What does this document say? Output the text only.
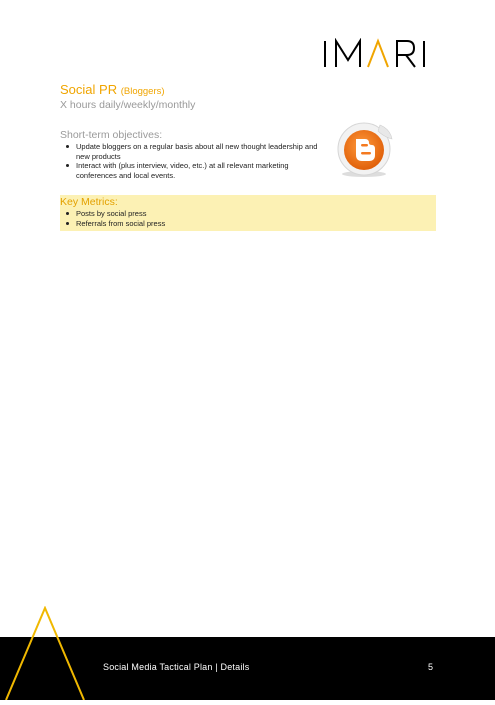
Social PR (Bloggers)
X hours daily/weekly/monthly
Short-term objectives:
Update bloggers on a regular basis about all new thought leadership and new products
Interact with (plus interview, video, etc.) at all relevant marketing conferences and local events.
Key Metrics:
Posts by social press
Referrals from social press
Social Media Tactical Plan | Details	5
